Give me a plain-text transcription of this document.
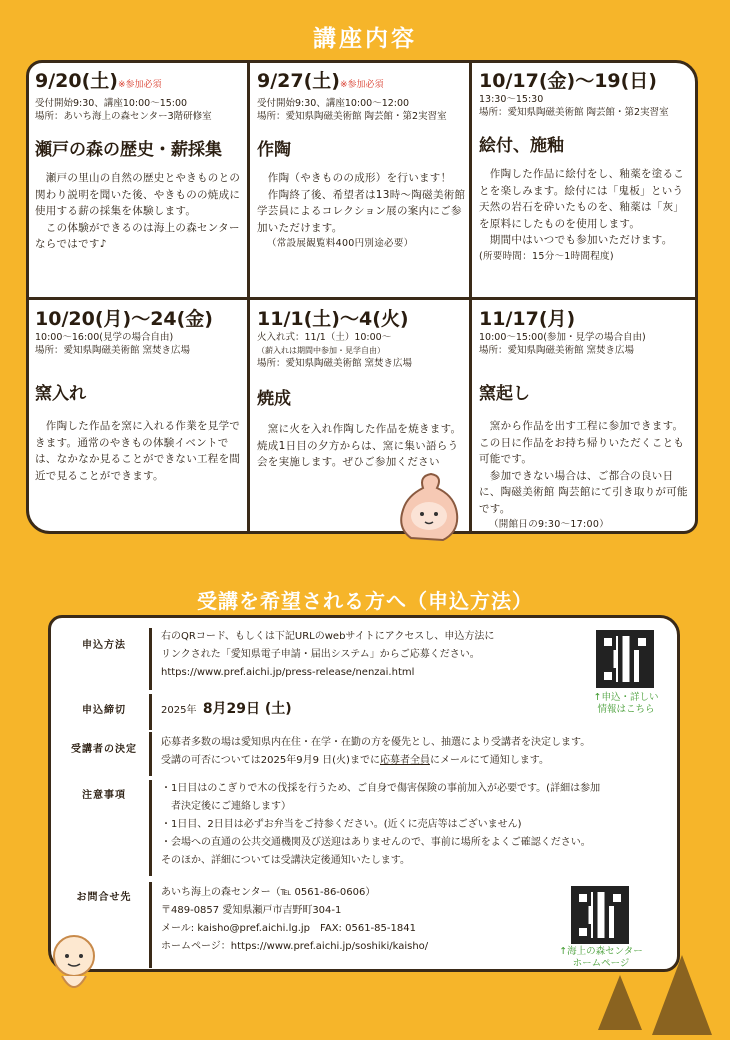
講座内容
9/20(土)※参加必須
受付開始9:30、講座10:00～15:00
場所：あいち海上の森センター3階研修室
瀬戸の森の歴史・薪採集
　瀬戸の里山の自然の歴史とやきものとの関わり説明を聞いた後、やきものの焼成に使用する薪の採集を体験します。
　この体験ができるのは海上の森センターならではです♪
9/27(土)※参加必須
受付開始9:30、講座10:00～12:00
場所：愛知県陶磁美術館 陶芸館・第2実習室
作陶
　作陶（やきものの成形）を行います！
　作陶終了後、希望者は13時～陶磁美術館学芸員によるコレクション展の案内にご参加いただけます。
（常設展観覧料400円別途必要）
10/17(金)～19(日)
13:30～15:30
場所：愛知県陶磁美術館 陶芸館・第2実習室
絵付、施釉
　作陶した作品に絵付をし、釉薬を塗ることを楽しみます。絵付には「鬼板」という天然の岩石を砕いたものを、釉薬は「灰」を原料にしたものを使用します。
　期間中はいつでも参加いただけます。
(所要時間：15分～1時間程度)
10/20(月)～24(金)
10:00～16:00(見学の場合自由)
場所：愛知県陶磁美術館 窯焚き広場
窯入れ
　作陶した作品を窯に入れる作業を見学できます。通常のやきもの体験イベントでは、なかなか見ることができない工程を間近で見ることができます。
11/1(土)～4(火)
火入れ式：11/1（土）10:00～
（薪入れは期間中参加・見学自由）
場所：愛知県陶磁美術館 窯焚き広場
焼成
　窯に火を入れ作陶した作品を焼きます。 焼成1日目の夕方からは、窯に集い語らう会を実施します。ぜひご参加ください
11/17(月)
10:00～15:00(参加・見学の場合自由)
場所：愛知県陶磁美術館 窯焚き広場
窯起し
　窯から作品を出す工程に参加できます。この日に作品をお持ち帰りいただくことも可能です。
　参加できない場合は、ご都合の良い日に、陶磁美術館 陶芸館にて引き取りが可能です。
（開館日の9:30～17:00）
受講を希望される方へ（申込方法）
申込方法
右のQRコード、もしくは下記URLのwebサイトにアクセスし、申込方法に
リンクされた「愛知県電子申請・届出システム」からご応募ください。
https://www.pref.aichi.jp/press-release/nenzai.html
↑申込・詳しい
情報はこちら
申込締切	2025年 8月29日 (土)
受講者の決定
応募者多数の場は愛知県内在住・在学・在勤の方を優先とし、抽選により受講者を決定します。
受講の可否については2025年9月9 日(火)までに応募者全員にメールにて通知します。
注意事項
・1日目はのこぎりで木の伐採を行うため、ご自身で傷害保険の事前加入が必要です。(詳細は参加
　者決定後にご連絡します）
・1日目、2日目は必ずお弁当をご持参ください。(近くに売店等はございません)
・会場への直通の公共交通機関及び送迎はありませんので、事前に場所をよくご確認ください。
そのほか、詳細については受講決定後通知いたします。
お問合せ先	あいち海上の森センター（℡ 0561-86-0606）
〒489-0857 愛知県瀬戸市吉野町304-1
メール: kaisho@pref.aichi.lg.jp　FAX: 0561-85-1841
ホームページ：https://www.pref.aichi.jp/soshiki/kaisho/	↑海上の森センター
ホームページ
